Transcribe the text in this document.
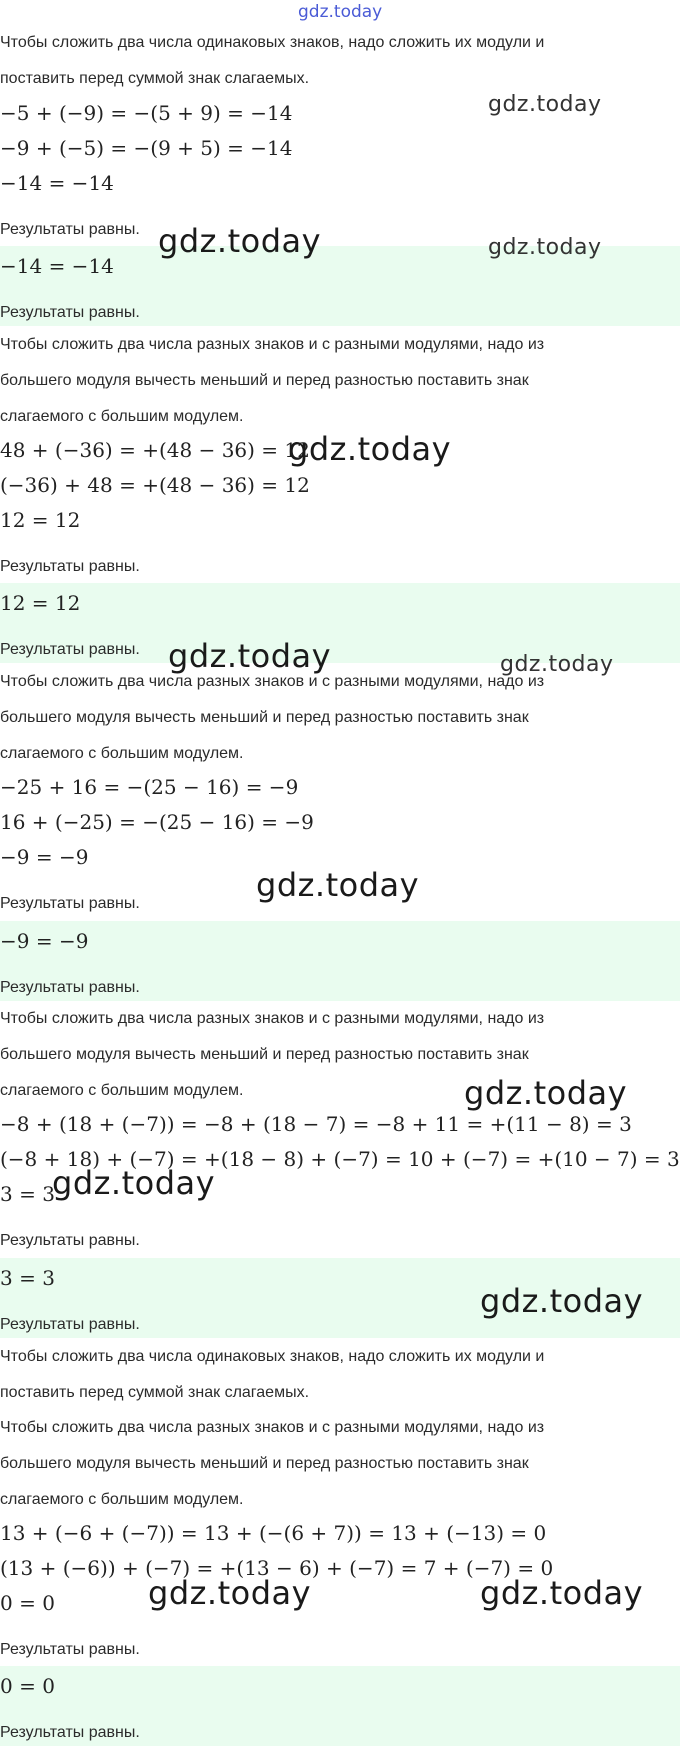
gdz.today
Чтобы сложить два числа одинаковых знаков, надо сложить их модули и
поставить перед суммой знак слагаемых.
−5 + (−9) = −(5 + 9) = −14
−9 + (−5) = −(9 + 5) = −14
−14 = −14
Результаты равны.
−14 = −14
Результаты равны.
Чтобы сложить два числа разных знаков и с разными модулями, надо из
большего модуля вычесть меньший и перед разностью поставить знак
слагаемого с большим модулем.
48 + (−36) = +(48 − 36) = 12
(−36) + 48 = +(48 − 36) = 12
12 = 12
Результаты равны.
12 = 12
Результаты равны.
Чтобы сложить два числа разных знаков и с разными модулями, надо из
большего модуля вычесть меньший и перед разностью поставить знак
слагаемого с большим модулем.
−25 + 16 = −(25 − 16) = −9
16 + (−25) = −(25 − 16) = −9
−9 = −9
Результаты равны.
−9 = −9
Результаты равны.
Чтобы сложить два числа разных знаков и с разными модулями, надо из
большего модуля вычесть меньший и перед разностью поставить знак
слагаемого с большим модулем.
−8 + (18 + (−7)) = −8 + (18 − 7) = −8 + 11 = +(11 − 8) = 3
(−8 + 18) + (−7) = +(18 − 8) + (−7) = 10 + (−7) = +(10 − 7) = 3
3 = 3
Результаты равны.
3 = 3
Результаты равны.
Чтобы сложить два числа одинаковых знаков, надо сложить их модули и
поставить перед суммой знак слагаемых.
Чтобы сложить два числа разных знаков и с разными модулями, надо из
большего модуля вычесть меньший и перед разностью поставить знак
слагаемого с большим модулем.
13 + (−6 + (−7)) = 13 + (−(6 + 7)) = 13 + (−13) = 0
(13 + (−6)) + (−7) = +(13 − 6) + (−7) = 7 + (−7) = 0
0 = 0
Результаты равны.
0 = 0
Результаты равны.
gdz.today
gdz.today	gdz.today
gdz.today
gdz.today	gdz.today
gdz.today
gdz.today
gdz.today
gdz.today
gdz.today	gdz.today
